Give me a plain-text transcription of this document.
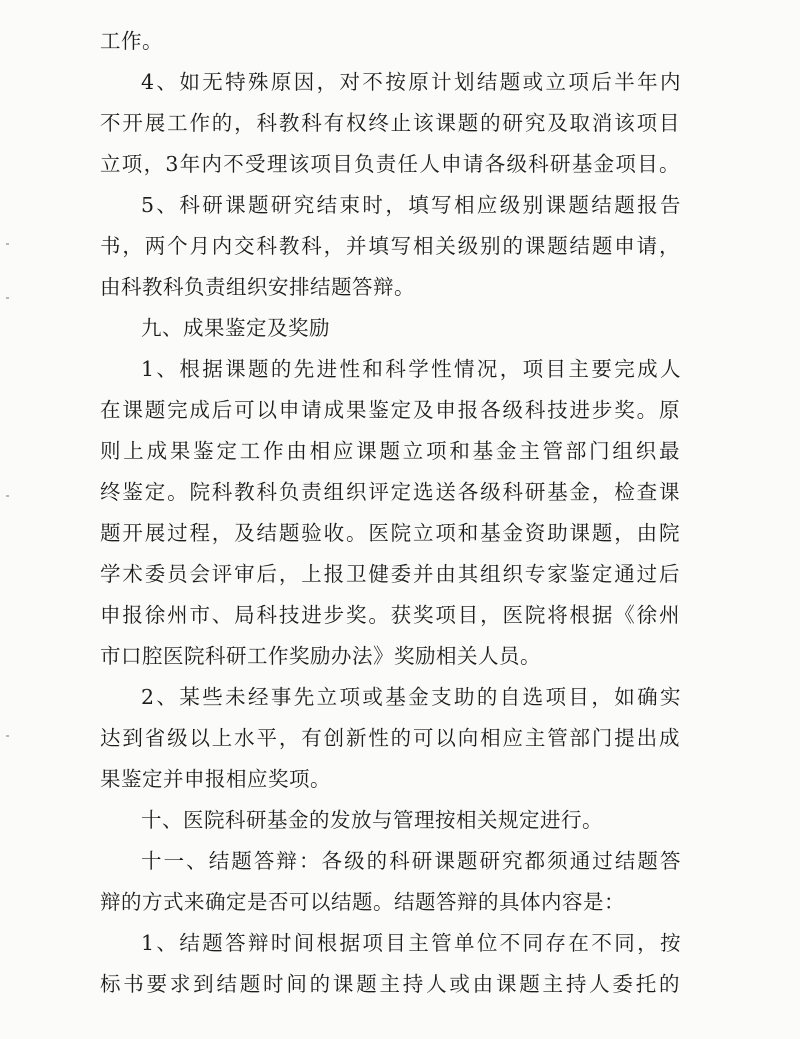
工作。
4、如无特殊原因，对不按原计划结题或立项后半年内
不开展工作的，科教科有权终止该课题的研究及取消该项目
立项，3年内不受理该项目负责任人申请各级科研基金项目。
5、科研课题研究结束时，填写相应级别课题结题报告
书，两个月内交科教科，并填写相关级别的课题结题申请，
由科教科负责组织安排结题答辩。
九、成果鉴定及奖励
1、根据课题的先进性和科学性情况，项目主要完成人
在课题完成后可以申请成果鉴定及申报各级科技进步奖。原
则上成果鉴定工作由相应课题立项和基金主管部门组织最
终鉴定。院科教科负责组织评定选送各级科研基金，检查课
题开展过程，及结题验收。医院立项和基金资助课题，由院
学术委员会评审后，上报卫健委并由其组织专家鉴定通过后
申报徐州市、局科技进步奖。获奖项目，医院将根据《徐州
市口腔医院科研工作奖励办法》奖励相关人员。
2、某些未经事先立项或基金支助的自选项目，如确实
达到省级以上水平，有创新性的可以向相应主管部门提出成
果鉴定并申报相应奖项。
十、医院科研基金的发放与管理按相关规定进行。
十一、结题答辩：各级的科研课题研究都须通过结题答
辩的方式来确定是否可以结题。结题答辩的具体内容是：
1、结题答辩时间根据项目主管单位不同存在不同，按
标书要求到结题时间的课题主持人或由课题主持人委托的
